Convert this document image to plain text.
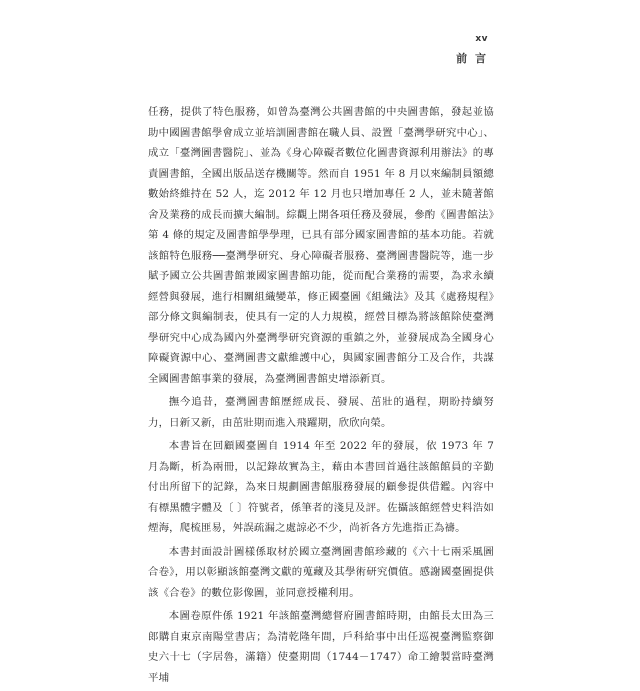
xv
前 言

任務，提供了特色服務，如曾為臺灣公共圖書館的中央圖書館，發起並協助中國圖書館學會成立並培訓圖書館在職人員、設置「臺灣學研究中心」、成立「臺灣圖書醫院」、並為《身心障礙者數位化圖書資源利用辦法》的專責圖書館，全國出版品送存機關等。然而自 1951 年 8 月以來編制員額總數始終維持在 52 人，迄 2012 年 12 月也只增加專任 2 人，並未隨著館舍及業務的成長而擴大編制。綜觀上開各項任務及發展，參酌《圖書館法》第 4 條的規定及圖書館學學理，已具有部分國家圖書館的基本功能。若就該館特色服務──臺灣學研究、身心障礙者服務、臺灣圖書醫院等，進一步賦予國立公共圖書館兼國家圖書館功能，從而配合業務的需要，為求永續經營與發展，進行相關組織變革，修正國臺圖《組織法》及其《處務規程》部分條文與編制表，使具有一定的人力規模，經營目標為將該館除使臺灣學研究中心成為國內外臺灣學研究資源的重鎮之外，並發展成為全國身心障礙資源中心、臺灣圖書文獻維護中心，與國家圖書館分工及合作，共謀全國圖書館事業的發展，為臺灣圖書館史增添新頁。

撫今追昔，臺灣圖書館歷經成長、發展、茁壯的過程，期盼持續努力，日新又新，由茁壯期而進入飛躍期，欣欣向榮。

本書旨在回顧國臺圖自 1914 年至 2022 年的發展，依 1973 年 7 月為斷，析為兩冊，以記錄故實為主，藉由本書回首過往該館館員的辛勤付出所留下的記錄，為來日規劃圖書館服務發展的顧參提供借鑑。內容中有標黑體字體及〔 〕符號者，係筆者的淺見及評。佐攝該館經營史料浩如煙海，爬梳匪易，舛誤疏漏之處諒必不少，尚祈各方先進指正為禱。

本書封面設計圖樣係取材於國立臺灣圖書館珍藏的《六十七兩采風圖合卷》，用以彰顯該館臺灣文獻的蒐藏及其學術研究價值。感謝國臺圖提供該《合卷》的數位影像圖，並同意授權利用。

本圖卷原件係 1921 年該館臺灣總督府圖書館時期，由館長太田為三郎購自東京南陽堂書店；為清乾隆年間，戶科給事中出任巡視臺灣監察御史六十七（字居魯，滿籍）使臺期間（1744－1747）命工繪製當時臺灣平埔
